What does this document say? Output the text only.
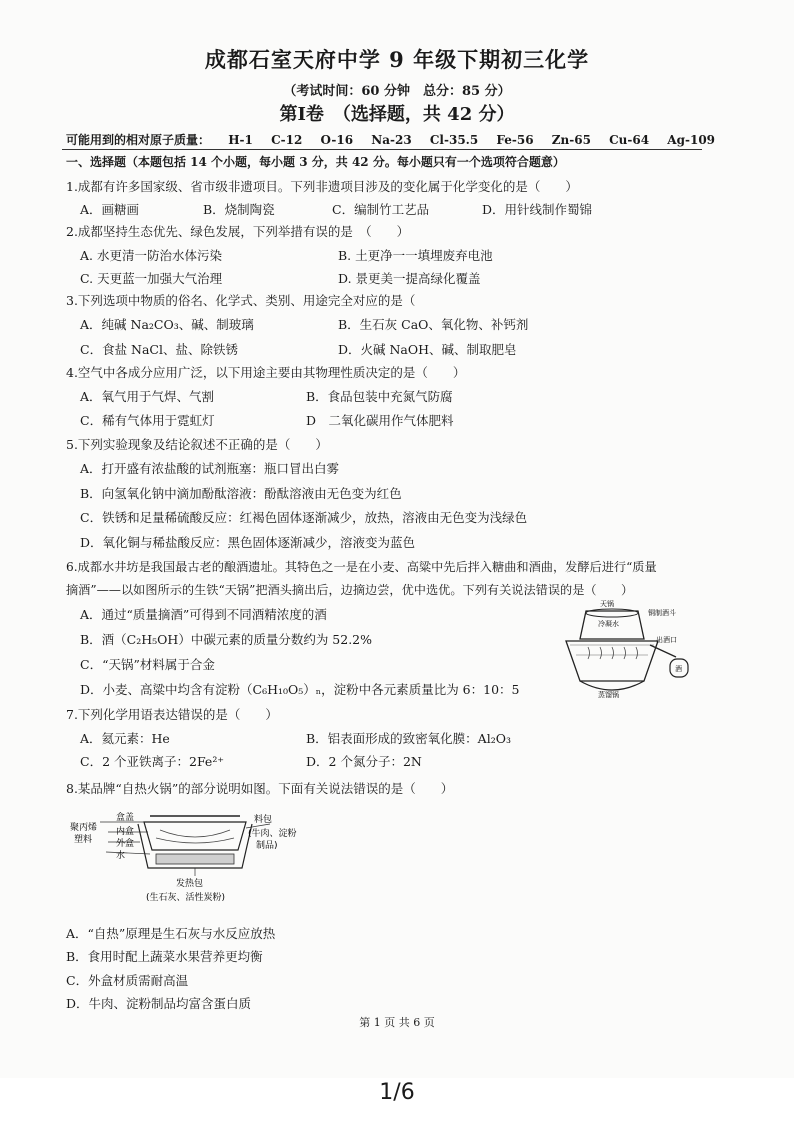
成都石室天府中学 9 年级下期初三化学
（考试时间：60 分钟　总分：85 分）
第Ⅰ卷　（选择题，共 42 分）
可能用到的相对原子质量： H-1 C-12 O-16 Na-23 Cl-35.5 Fe-56 Zn-65 Cu-64 Ag-109
一、选择题（本题包括 14 个小题，每小题 3 分，共 42 分。每小题只有一个选项符合题意）
1.成都有许多国家级、省市级非遗项目。下列非遗项目涉及的变化属于化学变化的是（　　）
A．画糖画	B．烧制陶瓷	C．编制竹工艺品	D．用针线制作蜀锦
2.成都坚持生态优先、绿色发展，下列举措有误的是　（　　）
A. 水更清一防治水体污染	B. 土更净一一填埋废弃电池
C. 天更蓝一加强大气治理	D. 景更美一提高绿化覆盖
3.下列选项中物质的俗名、化学式、类别、用途完全对应的是（
A．纯碱 Na₂CO₃、碱、制玻璃	B．生石灰 CaO、氧化物、补钙剂
C．食盐 NaCl、盐、除铁锈	D．火碱 NaOH、碱、制取肥皂
4.空气中各成分应用广泛，以下用途主要由其物理性质决定的是（　　）
A．氧气用于气焊、气割	B．食品包装中充氮气防腐
C．稀有气体用于霓虹灯	D　二氧化碳用作气体肥料
5.下列实验现象及结论叙述不正确的是（　　）
A．打开盛有浓盐酸的试剂瓶塞：瓶口冒出白雾
B．向氢氧化钠中滴加酚酞溶液：酚酞溶液由无色变为红色
C．铁锈和足量稀硫酸反应：红褐色固体逐渐减少，放热，溶液由无色变为浅绿色
D．氧化铜与稀盐酸反应：黑色固体逐渐减少，溶液变为蓝色
6.成都水井坊是我国最古老的酿酒遗址。其特色之一是在小麦、高粱中先后拌入糖曲和酒曲，发酵后进行“质量
摘酒”——以如图所示的生铁“天锅”把酒头摘出后，边摘边尝，优中选优。下列有关说法错误的是（　　）
A．通过“质量摘酒”可得到不同酒精浓度的酒
B．酒（C₂H₅OH）中碳元素的质量分数约为 52.2%
C．“天锅”材料属于合金
D．小麦、高粱中均含有淀粉（C₆H₁₀O₅）ₙ，淀粉中各元素质量比为 6：10：5
天锅
冷凝水
铜制酒斗
出酒口
酒
蒸馏锅
7.下列化学用语表达错误的是（　　）
A．氦元素：He	B．铝表面形成的致密氧化膜：Al₂O₃
C．2 个亚铁离子：2Fe²⁺	D．2 个氮分子：2N
8.某品牌“自热火锅”的部分说明如图。下面有关说法错误的是（　　）
聚丙烯
塑料
盒盖
内盒
外盒
水
料包
(牛肉、淀粉
制品)
发热包
(生石灰、活性炭粉)
A．“自热”原理是生石灰与水反应放热
B．食用时配上蔬菜水果营养更均衡
C．外盒材质需耐高温
D．牛肉、淀粉制品均富含蛋白质
第 1 页 共 6 页
1/6
